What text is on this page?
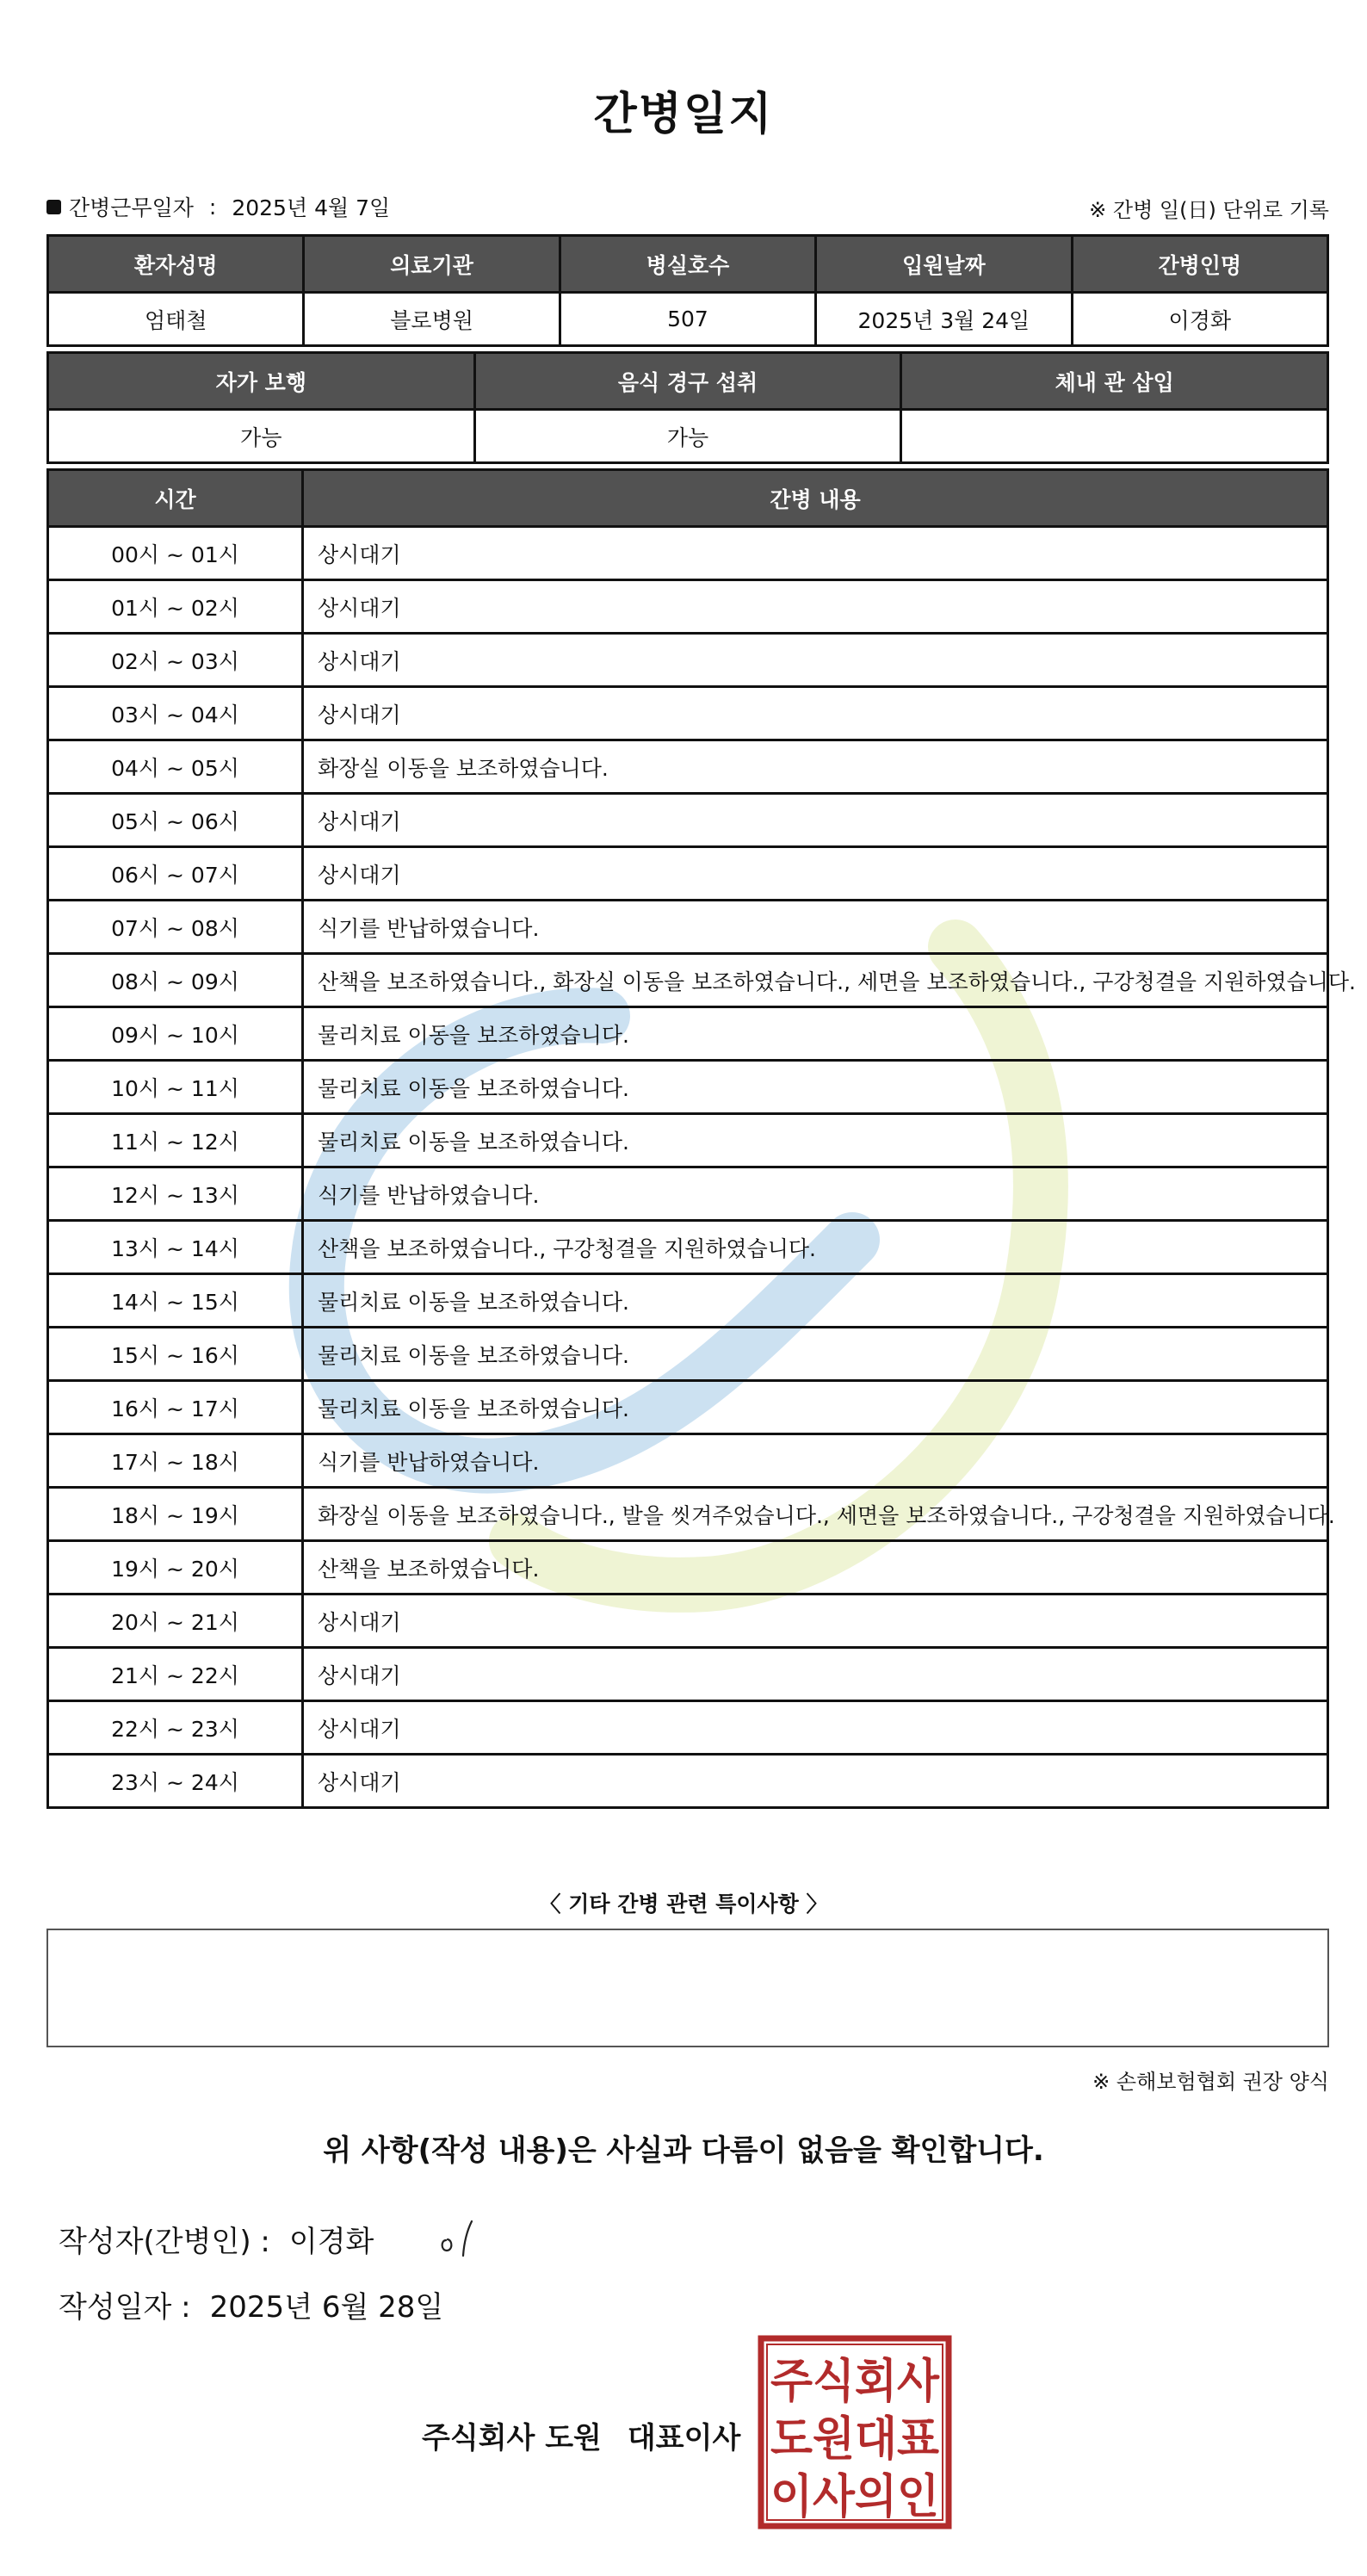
간병일지
간병근무일자 : 2025년 4월 7일	※ 간병 일(日) 단위로 기록
환자성명	의료기관	병실호수	입원날짜	간병인명
엄태철	블로병원	507	2025년 3월 24일	이경화
자가 보행	음식 경구 섭취	체내 관 삽입
가능	가능	
시간	간병 내용
00시 ~ 01시	상시대기
01시 ~ 02시	상시대기
02시 ~ 03시	상시대기
03시 ~ 04시	상시대기
04시 ~ 05시	화장실 이동을 보조하였습니다.
05시 ~ 06시	상시대기
06시 ~ 07시	상시대기
07시 ~ 08시	식기를 반납하였습니다.
08시 ~ 09시	산책을 보조하였습니다., 화장실 이동을 보조하였습니다., 세면을 보조하였습니다., 구강청결을 지원하였습니다.
09시 ~ 10시	물리치료 이동을 보조하였습니다.
10시 ~ 11시	물리치료 이동을 보조하였습니다.
11시 ~ 12시	물리치료 이동을 보조하였습니다.
12시 ~ 13시	식기를 반납하였습니다.
13시 ~ 14시	산책을 보조하였습니다., 구강청결을 지원하였습니다.
14시 ~ 15시	물리치료 이동을 보조하였습니다.
15시 ~ 16시	물리치료 이동을 보조하였습니다.
16시 ~ 17시	물리치료 이동을 보조하였습니다.
17시 ~ 18시	식기를 반납하였습니다.
18시 ~ 19시	화장실 이동을 보조하였습니다., 발을 씻겨주었습니다., 세면을 보조하였습니다., 구강청결을 지원하였습니다.
19시 ~ 20시	산책을 보조하였습니다.
20시 ~ 21시	상시대기
21시 ~ 22시	상시대기
22시 ~ 23시	상시대기
23시 ~ 24시	상시대기
〈 기타 간병 관련 특이사항 〉
※ 손해보험협회 권장 양식
위 사항(작성 내용)은 사실과 다름이 없음을 확인합니다.
작성자(간병인) : 이경화
작성일자 : 2025년 6월 28일
주식회사 도원 대표이사
주식회사
도원대표
이사의인
